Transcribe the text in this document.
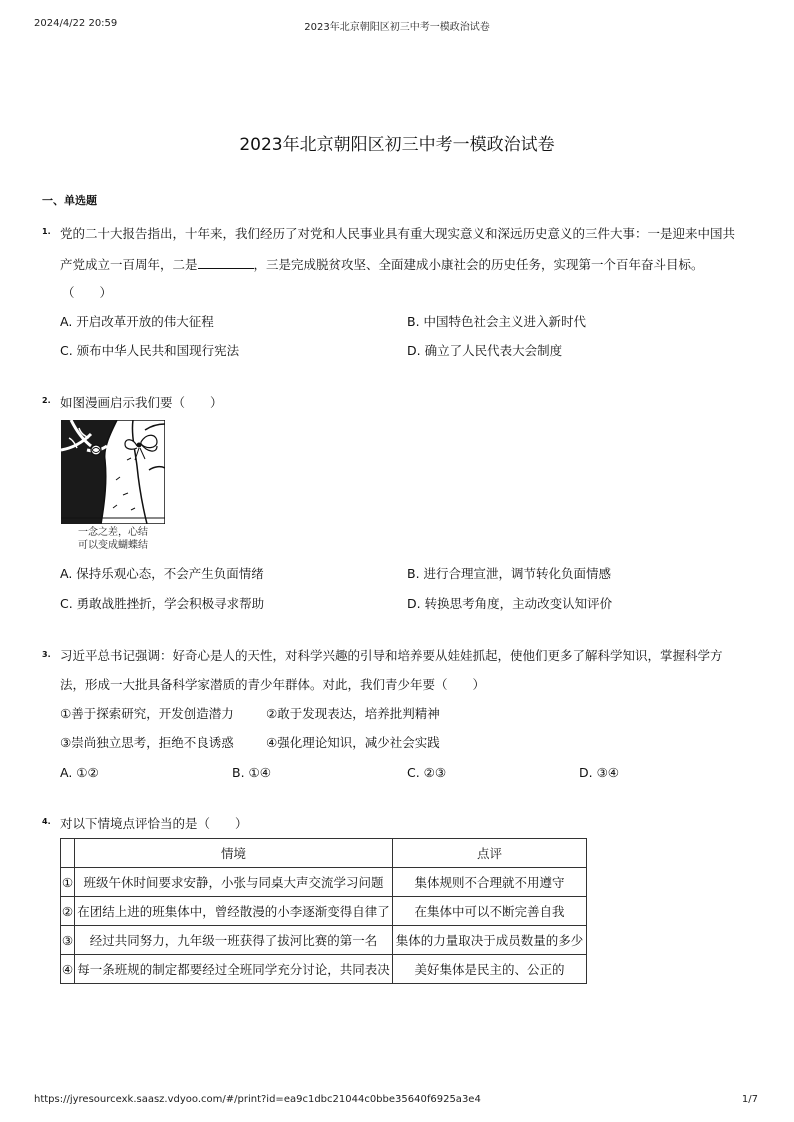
2024/4/22 20:59	2023年北京朝阳区初三中考一模政治试卷
https://jyresourcexk.saasz.vdyoo.com/#/print?id=ea9c1dbc21044c0bbe35640f6925a3e4	1/7
2023年北京朝阳区初三中考一模政治试卷
一、单选题
1. 党的二十大报告指出，十年来，我们经历了对党和人民事业具有重大现实意义和深远历史意义的三件大事：一是迎来中国共
产党成立一百周年，二是	，三是完成脱贫攻坚、全面建成小康社会的历史任务，实现第一个百年奋斗目标。
（　　）
A. 开启改革开放的伟大征程	B. 中国特色社会主义进入新时代
C. 颁布中华人民共和国现行宪法	D. 确立了人民代表大会制度
2. 如图漫画启示我们要（　　）
一念之差，心结
可以变成蝴蝶结
A. 保持乐观心态，不会产生负面情绪	B. 进行合理宣泄，调节转化负面情感
C. 勇敢战胜挫折，学会积极寻求帮助	D. 转换思考角度，主动改变认知评价
3. 习近平总书记强调：好奇心是人的天性，对科学兴趣的引导和培养要从娃娃抓起，使他们更多了解科学知识，掌握科学方
法，形成一大批具备科学家潜质的青少年群体。对此，我们青少年要（　　）
①善于探索研究，开发创造潜力	②敢于发现表达，培养批判精神
③崇尚独立思考，拒绝不良诱惑	④强化理论知识，减少社会实践
A. ①②	B. ①④	C. ②③	D. ③④
4. 对以下情境点评恰当的是（　　）
	情境	点评
①	班级午休时间要求安静，小张与同桌大声交流学习问题	集体规则不合理就不用遵守
②	在团结上进的班集体中，曾经散漫的小李逐渐变得自律了	在集体中可以不断完善自我
③	经过共同努力，九年级一班获得了拔河比赛的第一名	集体的力量取决于成员数量的多少
④	每一条班规的制定都要经过全班同学充分讨论，共同表决	美好集体是民主的、公正的
